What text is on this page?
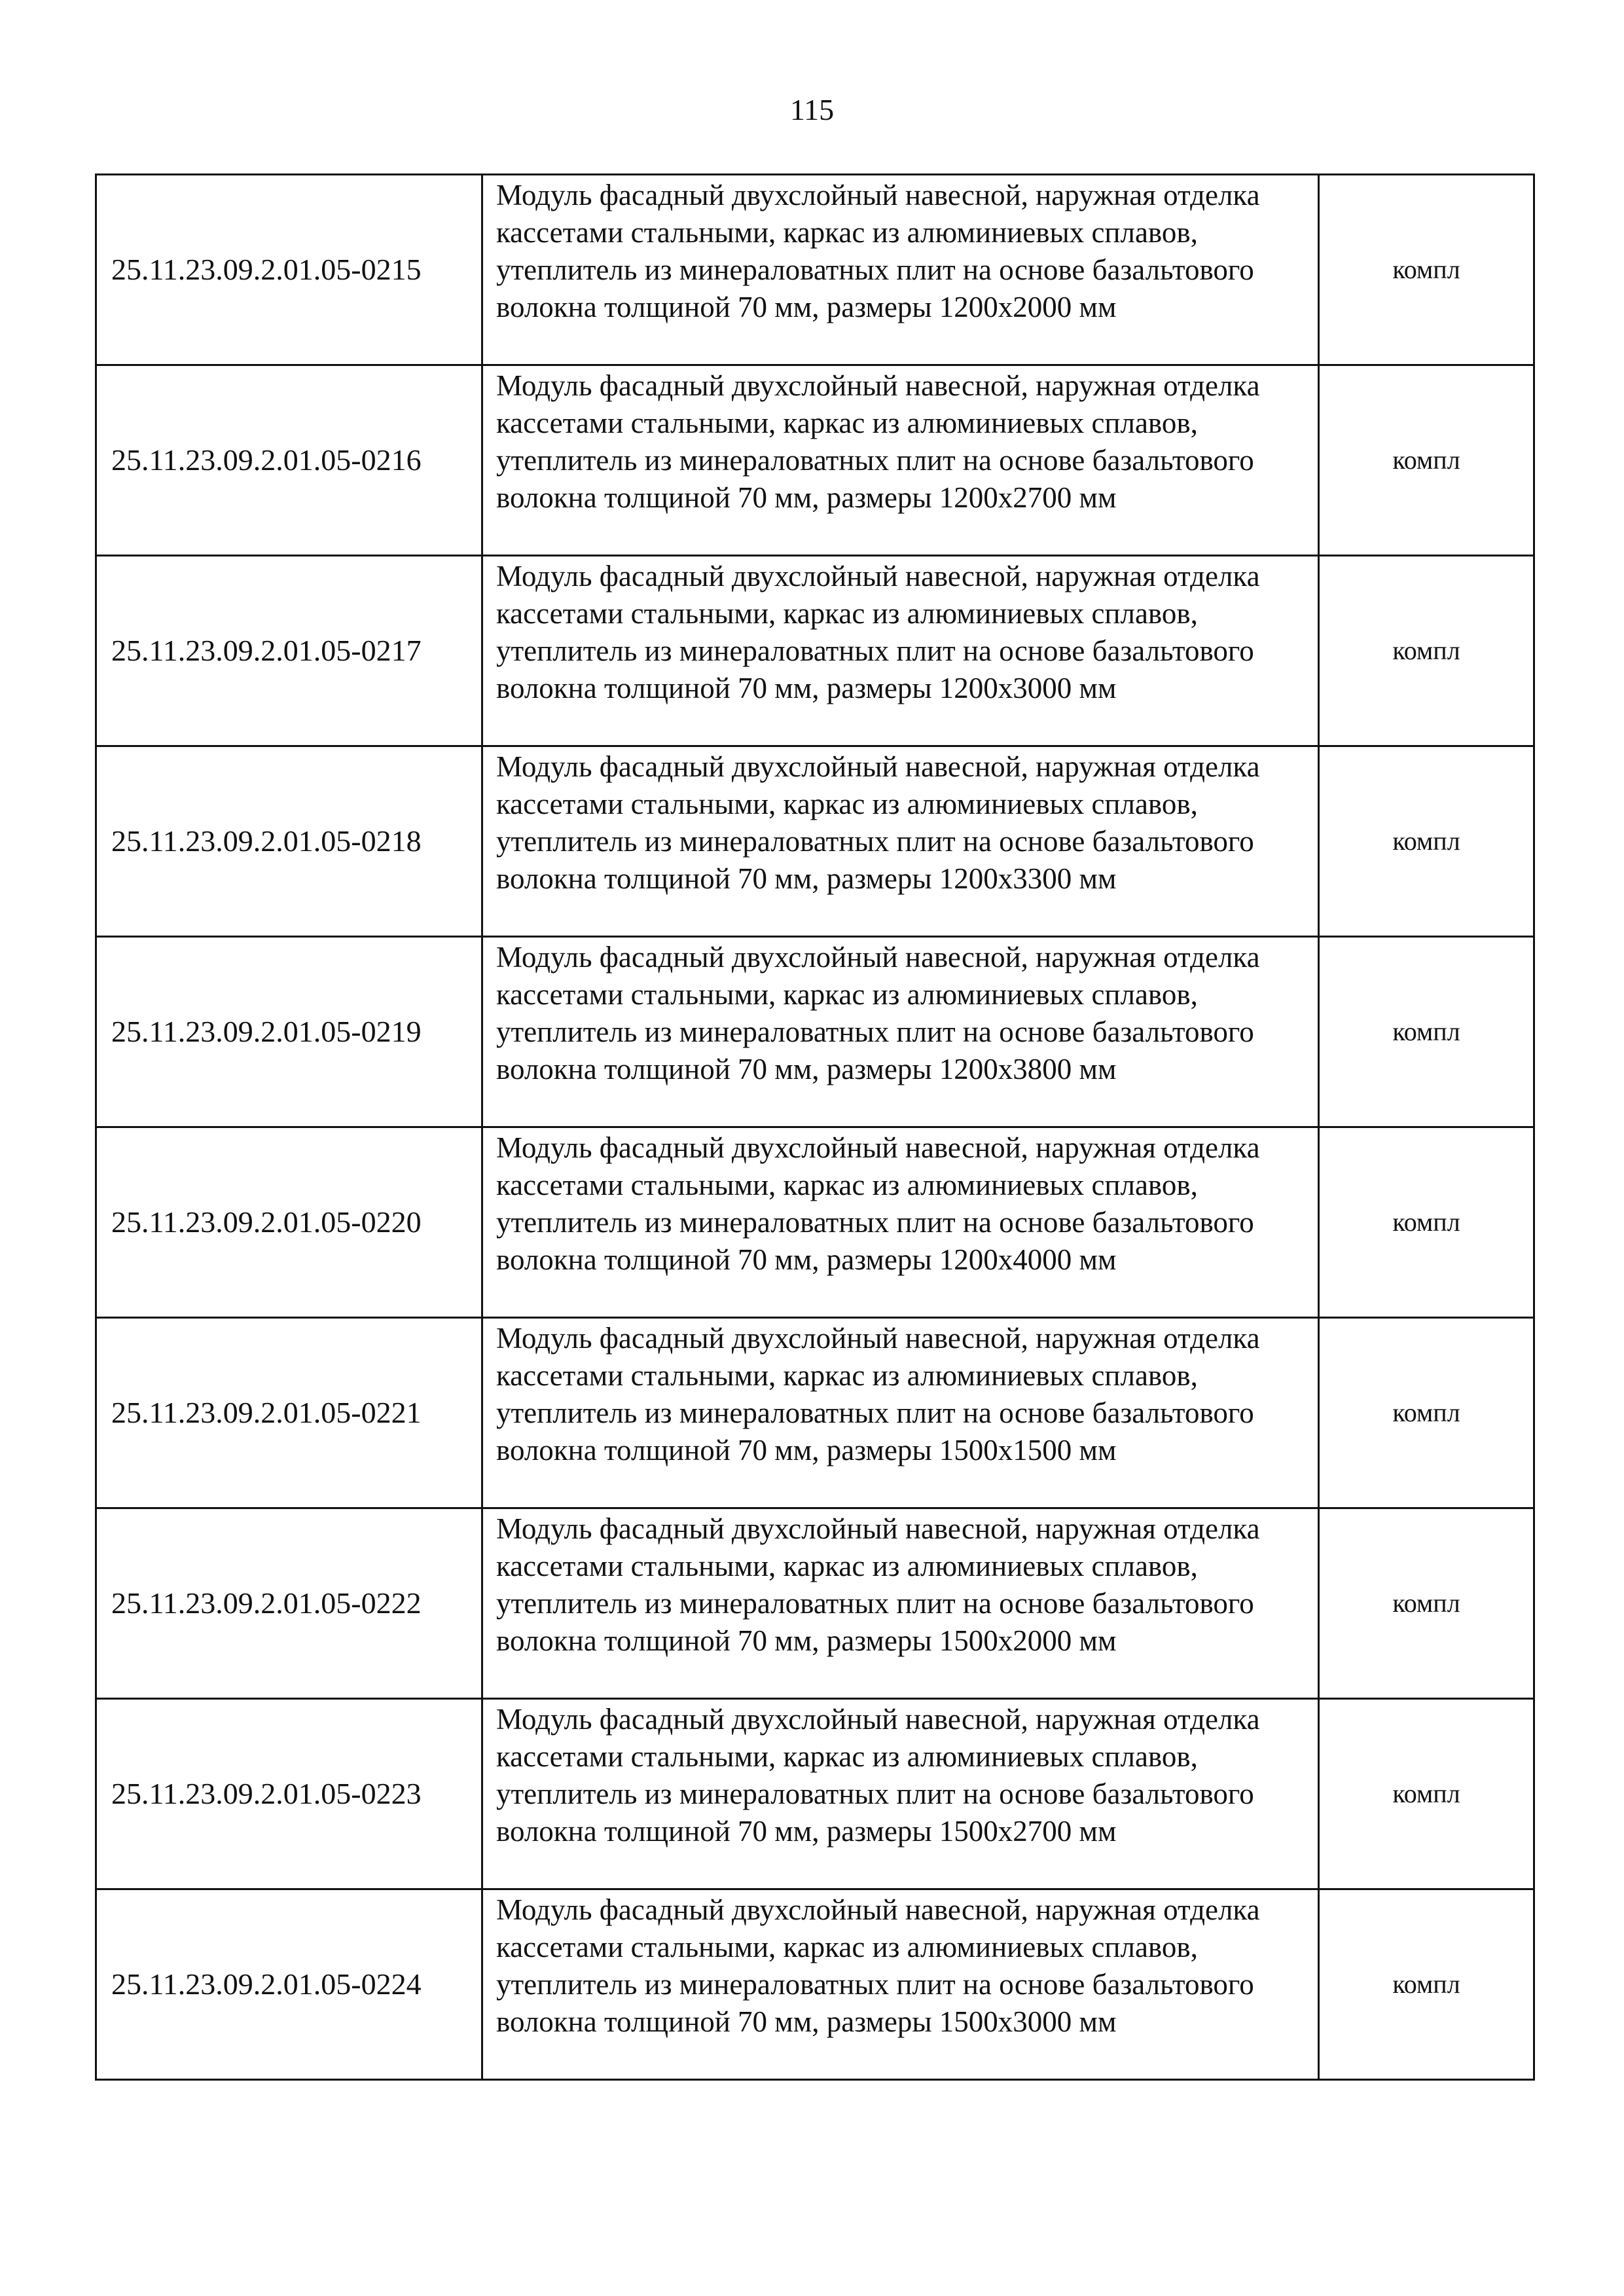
115
25.11.23.09.2.01.05-0215	Модуль фасадный двухслойный навесной, наружная отделка кассетами стальными, каркас из алюминиевых сплавов, утеплитель из минераловатных плит на основе базальтового волокна толщиной 70 мм, размеры 1200х2000 мм	компл
25.11.23.09.2.01.05-0216	Модуль фасадный двухслойный навесной, наружная отделка кассетами стальными, каркас из алюминиевых сплавов, утеплитель из минераловатных плит на основе базальтового волокна толщиной 70 мм, размеры 1200х2700 мм	компл
25.11.23.09.2.01.05-0217	Модуль фасадный двухслойный навесной, наружная отделка кассетами стальными, каркас из алюминиевых сплавов, утеплитель из минераловатных плит на основе базальтового волокна толщиной 70 мм, размеры 1200х3000 мм	компл
25.11.23.09.2.01.05-0218	Модуль фасадный двухслойный навесной, наружная отделка кассетами стальными, каркас из алюминиевых сплавов, утеплитель из минераловатных плит на основе базальтового волокна толщиной 70 мм, размеры 1200х3300 мм	компл
25.11.23.09.2.01.05-0219	Модуль фасадный двухслойный навесной, наружная отделка кассетами стальными, каркас из алюминиевых сплавов, утеплитель из минераловатных плит на основе базальтового волокна толщиной 70 мм, размеры 1200х3800 мм	компл
25.11.23.09.2.01.05-0220	Модуль фасадный двухслойный навесной, наружная отделка кассетами стальными, каркас из алюминиевых сплавов, утеплитель из минераловатных плит на основе базальтового волокна толщиной 70 мм, размеры 1200х4000 мм	компл
25.11.23.09.2.01.05-0221	Модуль фасадный двухслойный навесной, наружная отделка кассетами стальными, каркас из алюминиевых сплавов, утеплитель из минераловатных плит на основе базальтового волокна толщиной 70 мм, размеры 1500х1500 мм	компл
25.11.23.09.2.01.05-0222	Модуль фасадный двухслойный навесной, наружная отделка кассетами стальными, каркас из алюминиевых сплавов, утеплитель из минераловатных плит на основе базальтового волокна толщиной 70 мм, размеры 1500х2000 мм	компл
25.11.23.09.2.01.05-0223	Модуль фасадный двухслойный навесной, наружная отделка кассетами стальными, каркас из алюминиевых сплавов, утеплитель из минераловатных плит на основе базальтового волокна толщиной 70 мм, размеры 1500х2700 мм	компл
25.11.23.09.2.01.05-0224	Модуль фасадный двухслойный навесной, наружная отделка кассетами стальными, каркас из алюминиевых сплавов, утеплитель из минераловатных плит на основе базальтового волокна толщиной 70 мм, размеры 1500х3000 мм	компл
